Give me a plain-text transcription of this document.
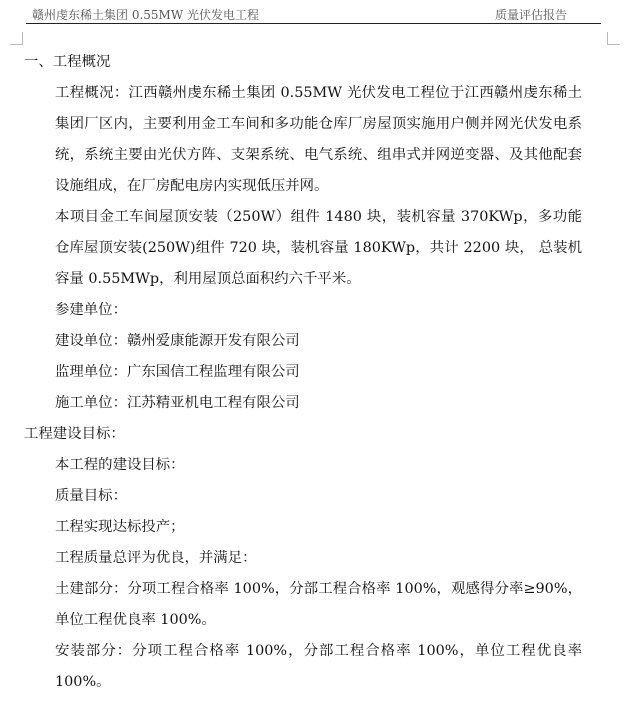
赣州虔东稀土集团 0.55MW 光伏发电工程	质量评估报告
一、工程概况
工程概况：江西赣州虔东稀土集团 0.55MW 光伏发电工程位于江西赣州虔东稀土集团厂区内，主要利用金工车间和多功能仓库厂房屋顶实施用户侧并网光伏发电系统，系统主要由光伏方阵、支架系统、电气系统、组串式并网逆变器、及其他配套设施组成，在厂房配电房内实现低压并网。
本项目金工车间屋顶安装（250W）组件 1480 块，装机容量 370KWp，多功能仓库屋顶安装(250W)组件 720 块，装机容量 180KWp，共计 2200 块， 总装机容量 0.55MWp，利用屋顶总面积约六千平米。
参建单位：
建设单位：赣州爱康能源开发有限公司
监理单位：广东国信工程监理有限公司
施工单位：江苏精亚机电工程有限公司
工程建设目标：
本工程的建设目标：
质量目标：
工程实现达标投产；
工程质量总评为优良，并满足：
土建部分：分项工程合格率 100%，分部工程合格率 100%，观感得分率≥90%，单位工程优良率 100%。
安装部分：分项工程合格率 100%，分部工程合格率 100%，单位工程优良率 100%。
